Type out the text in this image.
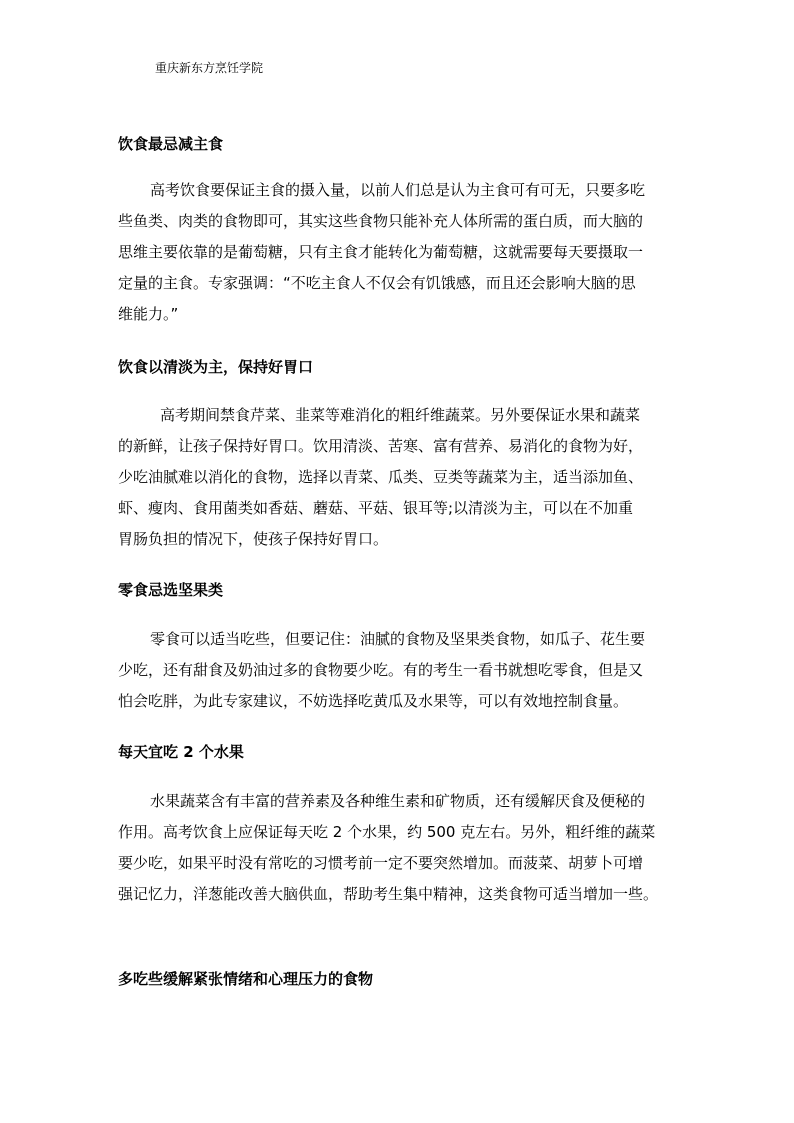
重庆新东方烹饪学院
饮食最忌减主食
高考饮食要保证主食的摄入量，以前人们总是认为主食可有可无，只要多吃
些鱼类、肉类的食物即可，其实这些食物只能补充人体所需的蛋白质，而大脑的
思维主要依靠的是葡萄糖，只有主食才能转化为葡萄糖，这就需要每天要摄取一
定量的主食。专家强调：“不吃主食人不仅会有饥饿感，而且还会影响大脑的思
维能力。”
饮食以清淡为主，保持好胃口
高考期间禁食芹菜、韭菜等难消化的粗纤维蔬菜。另外要保证水果和蔬菜
的新鲜，让孩子保持好胃口。饮用清淡、苦寒、富有营养、易消化的食物为好，
少吃油腻难以消化的食物，选择以青菜、瓜类、豆类等蔬菜为主，适当添加鱼、
虾、瘦肉、食用菌类如香菇、蘑菇、平菇、银耳等;以清淡为主，可以在不加重
胃肠负担的情况下，使孩子保持好胃口。
零食忌选坚果类
零食可以适当吃些，但要记住：油腻的食物及坚果类食物，如瓜子、花生要
少吃，还有甜食及奶油过多的食物要少吃。有的考生一看书就想吃零食，但是又
怕会吃胖，为此专家建议，不妨选择吃黄瓜及水果等，可以有效地控制食量。
每天宜吃 2 个水果
水果蔬菜含有丰富的营养素及各种维生素和矿物质，还有缓解厌食及便秘的
作用。高考饮食上应保证每天吃 2 个水果，约 500 克左右。另外，粗纤维的蔬菜
要少吃，如果平时没有常吃的习惯考前一定不要突然增加。而菠菜、胡萝卜可增
强记忆力，洋葱能改善大脑供血，帮助考生集中精神，这类食物可适当增加一些。
多吃些缓解紧张情绪和心理压力的食物
